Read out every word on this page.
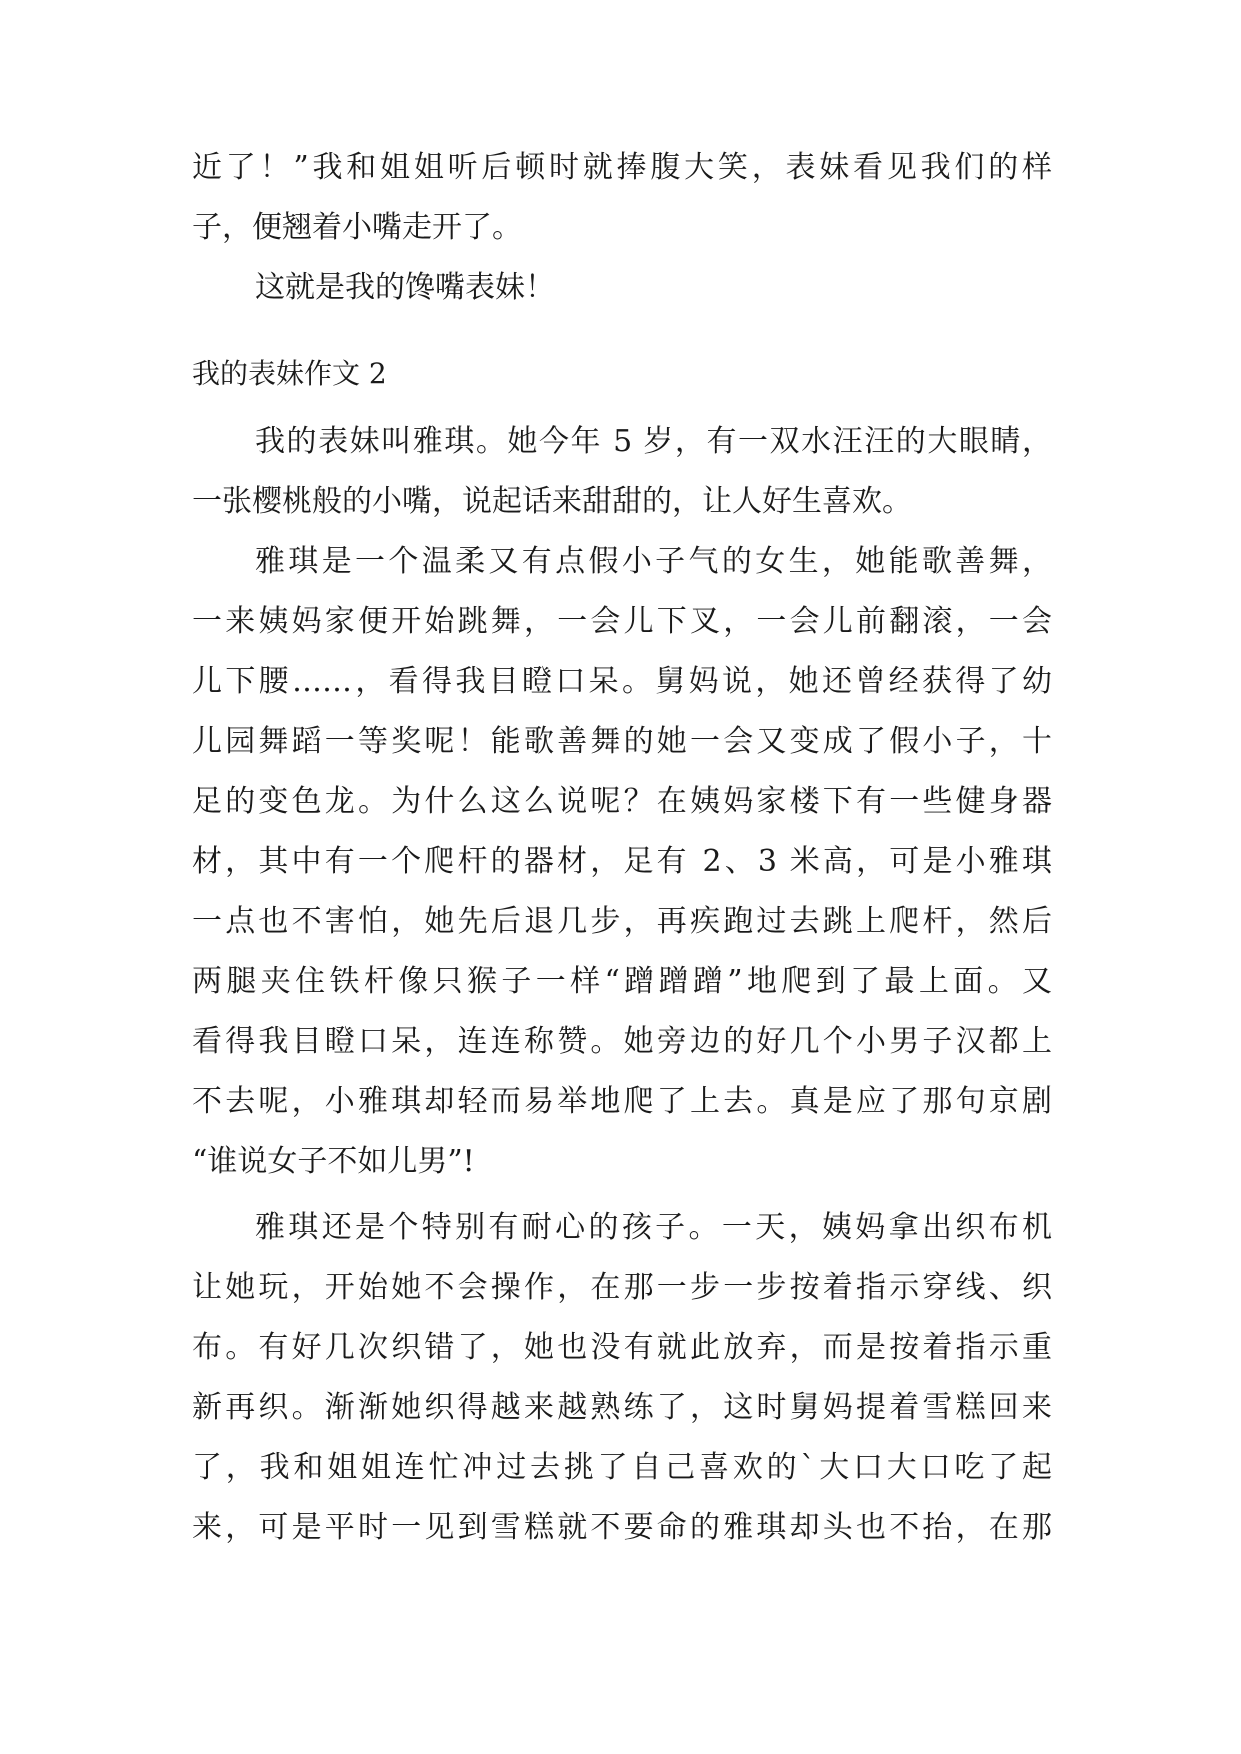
近了！”我和姐姐听后顿时就捧腹大笑，表妹看见我们的样
子，便翘着小嘴走开了。
这就是我的馋嘴表妹！
我的表妹作文 2
我的表妹叫雅琪。她今年 5 岁，有一双水汪汪的大眼睛，
一张樱桃般的小嘴，说起话来甜甜的，让人好生喜欢。
雅琪是一个温柔又有点假小子气的女生，她能歌善舞，
一来姨妈家便开始跳舞，一会儿下叉，一会儿前翻滚，一会
儿下腰……，看得我目瞪口呆。舅妈说，她还曾经获得了幼
儿园舞蹈一等奖呢！能歌善舞的她一会又变成了假小子，十
足的变色龙。为什么这么说呢？在姨妈家楼下有一些健身器
材，其中有一个爬杆的器材，足有 2、3 米高，可是小雅琪
一点也不害怕，她先后退几步，再疾跑过去跳上爬杆，然后
两腿夹住铁杆像只猴子一样“蹭蹭蹭”地爬到了最上面。又
看得我目瞪口呆，连连称赞。她旁边的好几个小男子汉都上
不去呢，小雅琪却轻而易举地爬了上去。真是应了那句京剧
“谁说女子不如儿男”!
雅琪还是个特别有耐心的孩子。一天，姨妈拿出织布机
让她玩，开始她不会操作，在那一步一步按着指示穿线、织
布。有好几次织错了，她也没有就此放弃，而是按着指示重
新再织。渐渐她织得越来越熟练了，这时舅妈提着雪糕回来
了，我和姐姐连忙冲过去挑了自己喜欢的`大口大口吃了起
来，可是平时一见到雪糕就不要命的雅琪却头也不抬，在那
